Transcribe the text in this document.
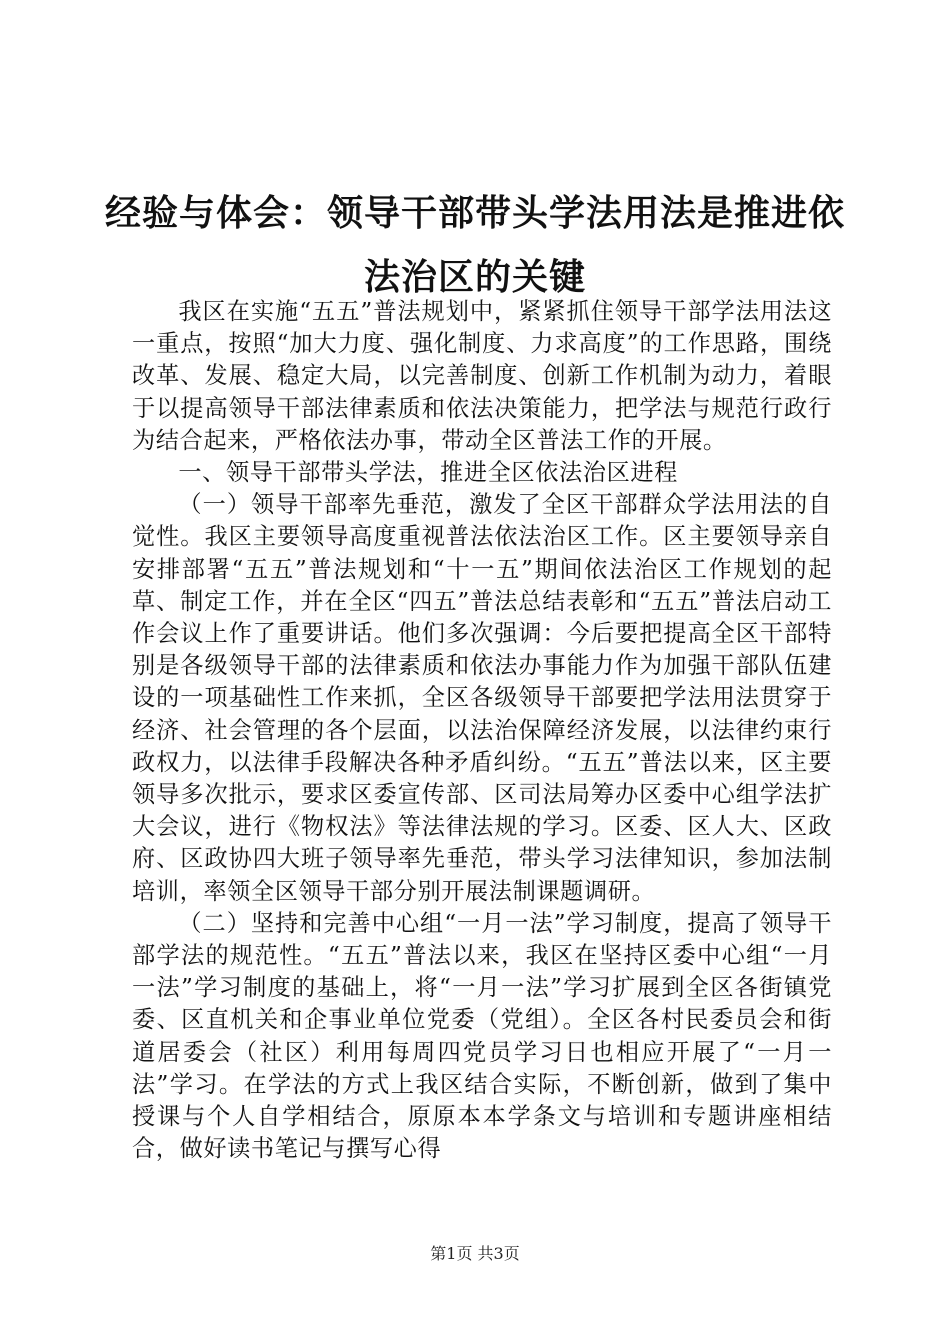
经验与体会：领导干部带头学法用法是推进依法治区的关键

我区在实施“五五”普法规划中，紧紧抓住领导干部学法用法这一重点，按照“加大力度、强化制度、力求高度”的工作思路，围绕改革、发展、稳定大局，以完善制度、创新工作机制为动力，着眼于以提高领导干部法律素质和依法决策能力，把学法与规范行政行为结合起来，严格依法办事，带动全区普法工作的开展。

一、领导干部带头学法，推进全区依法治区进程

（一）领导干部率先垂范，激发了全区干部群众学法用法的自觉性。我区主要领导高度重视普法依法治区工作。区主要领导亲自安排部署“五五”普法规划和“十一五”期间依法治区工作规划的起草、制定工作，并在全区“四五”普法总结表彰和“五五”普法启动工作会议上作了重要讲话。他们多次强调：今后要把提高全区干部特别是各级领导干部的法律素质和依法办事能力作为加强干部队伍建设的一项基础性工作来抓，全区各级领导干部要把学法用法贯穿于经济、社会管理的各个层面，以法治保障经济发展，以法律约束行政权力，以法律手段解决各种矛盾纠纷。“五五”普法以来，区主要领导多次批示，要求区委宣传部、区司法局筹办区委中心组学法扩大会议，进行《物权法》等法律法规的学习。区委、区人大、区政府、区政协四大班子领导率先垂范，带头学习法律知识，参加法制培训，率领全区领导干部分别开展法制课题调研。

（二）坚持和完善中心组“一月一法”学习制度，提高了领导干部学法的规范性。“五五”普法以来，我区在坚持区委中心组“一月一法”学习制度的基础上，将“一月一法”学习扩展到全区各街镇党委、区直机关和企事业单位党委（党组）。全区各村民委员会和街道居委会（社区）利用每周四党员学习日也相应开展了“一月一法”学习。在学法的方式上我区结合实际，不断创新，做到了集中授课与个人自学相结合，原原本本学条文与培训和专题讲座相结合，做好读书笔记与撰写心得

第1页 共3页
